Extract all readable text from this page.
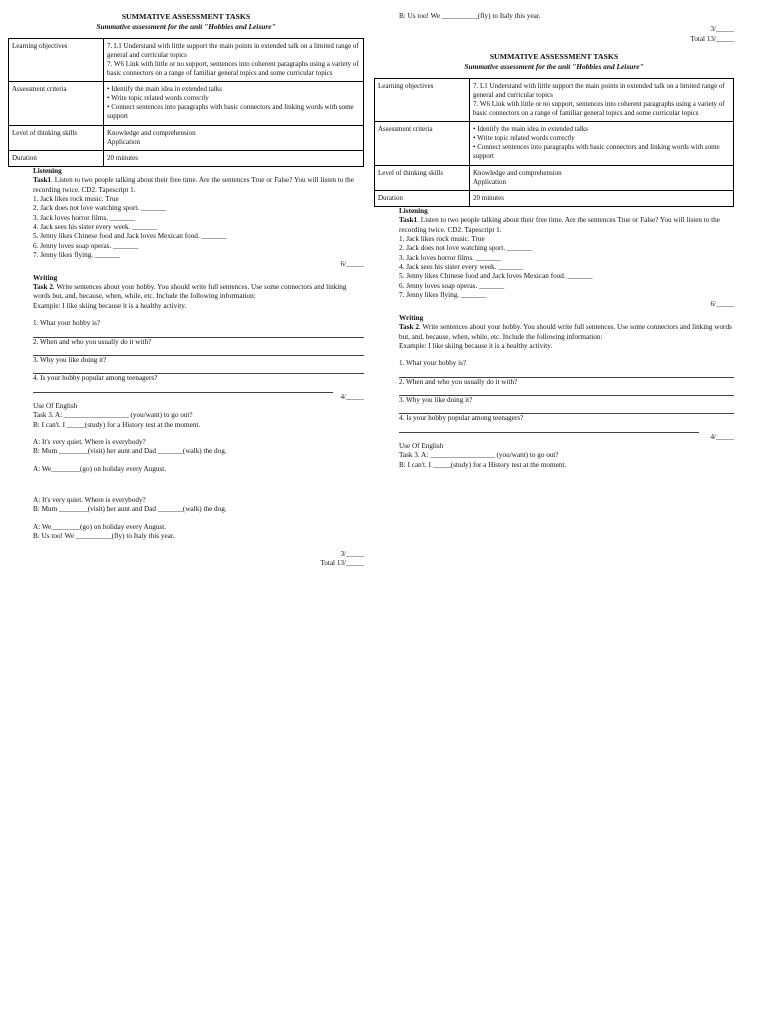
SUMMATIVE ASSESSMENT TASKS
Summative assessment for the unit "Hobbies and Leisure"
Learning objectives	7. L1 Understand with little support the main points in extended talk on a limited range of general and curricular topics
7. W6 Link with little or no support, sentences into coherent paragraphs using a variety of basic connectors on a range of familiar general topics and some curricular topics

Assessment criteria	• Identify the main idea in extended talks
• Write topic related words correctly
• Connect sentences into paragraphs with basic connectors and linking words with some support

Level of thinking skills	Knowledge and comprehension
Application

Duration	20 minutes
Listening

Task1. Listen to two people talking about their free time. Are the sentences True or False? You will listen to the recording twice. CD2. Tapescript 1.

1. Jack likes rock music. True
2. Jack does not love watching sport. _______
3. Jack loves horror films. _______
4. Jack sees his sister every week. _______
5. Jenny likes Chinese food and Jack loves Mexican food. _______
6. Jenny loves soap operas. _______
7. Jenny likes flying. _______
6/_____
Writing

Task 2. Write sentences about your hobby. You should write full sentences. Use some connectors and linking words but, and, because, when, while, etc. Include the following information:

Example: I like skiing because it is a healthy activity.
1. What your hobby is?
2. When and who you usually do it with?
3. Why you like doing it?
4. Is your hobby popular among teenagers?
4/_____
Use Of English
Task 3. A: __________________ (you/want) to go out?
B: I can't. I _____(study) for a History test at the moment.
A: It's very quiet. Where is everybody?
B: Mum ________(visit) her aunt and Dad _______(walk) the dog.
A: We________(go) on holiday every August.
A: It's very quiet. Where is everybody?
B: Mum ________(visit) her aunt and Dad _______(walk) the dog.
A: We________(go) on holiday every August.
B: Us too! We __________(fly) to Italy this year.
3/_____
Total 13/_____
B: Us too! We __________(fly) to Italy this year.
3/_____
Total 13/_____
SUMMATIVE ASSESSMENT TASKS
Summative assessment for the unit "Hobbies and Leisure"
Learning objectives	7. L1 Understand with little support the main points in extended talk on a limited range of general and curricular topics
7. W6 Link with little or no support, sentences into coherent paragraphs using a variety of basic connectors on a range of familiar general topics and some curricular topics

Assessment criteria	• Identify the main idea in extended talks
• Write topic related words correctly
• Connect sentences into paragraphs with basic connectors and linking words with some support

Level of thinking skills	Knowledge and comprehension
Application

Duration	20 minutes
Listening

Task1. Listen to two people talking about their free time. Are the sentences True or False? You will listen to the recording twice. CD2. Tapescript 1.

1. Jack likes rock music. True
2. Jack does not love watching sport. _______
3. Jack loves horror films. _______
4. Jack sees his sister every week. _______
5. Jenny likes Chinese food and Jack loves Mexican food. _______
6. Jenny loves soap operas. _______
7. Jenny likes flying. _______
6/_____
Writing

Task 2. Write sentences about your hobby. You should write full sentences. Use some connectors and linking words but, and, because, when, while, etc. Include the following information:

Example: I like skiing because it is a healthy activity.
1. What your hobby is?
2. When and who you usually do it with?
3. Why you like doing it?
4. Is your hobby popular among teenagers?
4/_____
Use Of English
Task 3. A: __________________ (you/want) to go out?
B: I can't. I _____(study) for a History test at the moment.
